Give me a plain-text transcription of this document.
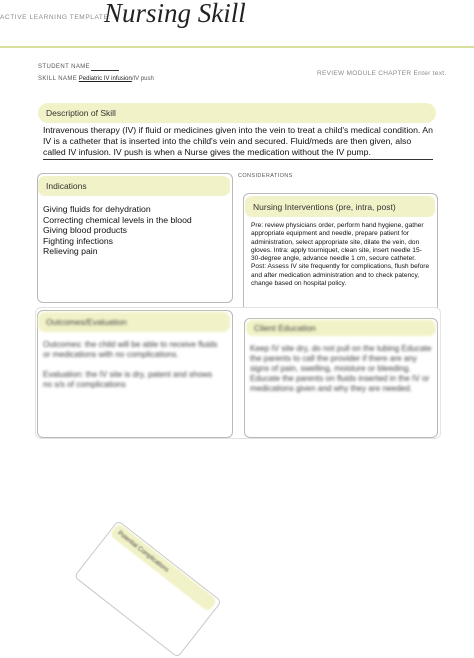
ACTIVE LEARNING TEMPLATE:
Nursing Skill
STUDENT NAME
SKILL NAME Pediatric IV infusion/IV push
REVIEW MODULE CHAPTER Enter text.
Description of Skill
Intravenous therapy (IV) if fluid or medicines given into the vein to treat a child's medical condition. An IV is a catheter that is inserted into the child's vein and secured. Fluid/meds are then given, also called IV infusion. IV push is when a Nurse gives the medication without the IV pump.
Indications
Giving fluids for dehydration
Correcting chemical levels in the blood
Giving blood products
Fighting infections
Relieving pain
CONSIDERATIONS
Nursing Interventions (pre, intra, post)
Pre: review physicians order, perform hand hygiene, gather appropriate equipment and needle, prepare patient for administration, select appropriate site, dilate the vein, don gloves. Intra: apply tourniquet, clean site, insert needle 15-30-degree angle, advance needle 1 cm, secure catheter. Post: Assess IV site frequently for complications, flush before and after medication administration and to check patency, change based on hospital policy.
Outcomes/Evaluation
Outcomes: the child will be able to receive fluids or medications with no complications.
Evaluation: the IV site is dry, patent and shows no s/s of complications
Client Education
Keep IV site dry, do not pull on the tubing Educate the parents to call the provider if there are any signs of pain, swelling, moisture or bleeding. Educate the parents on fluids inserted in the IV or medications given and why they are needed.
Potential Complications
